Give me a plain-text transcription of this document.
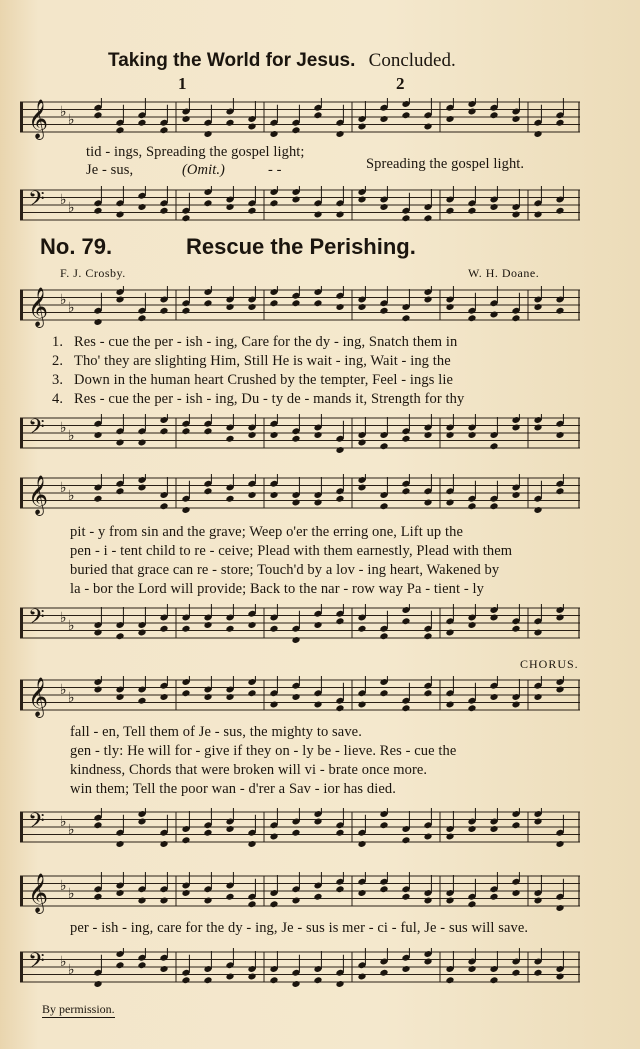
Taking the World for Jesus. Concluded.
1	2
𝄞 ♭ ♭
tid - ings, Spreading the gospel light;
Je - sus,	(Omit.)	- -	Spreading the gospel light.
𝄢 ♭ ♭
No. 79.	Rescue the Perishing.
F. J. Crosby.	W. H. Doane.
𝄞 ♭ ♭
1. Res - cue the per - ish - ing, Care for the dy - ing, Snatch them in
2. Tho' they are slighting Him, Still He is wait - ing, Wait - ing the
3. Down in the human heart Crushed by the tempter, Feel - ings lie
4. Res - cue the per - ish - ing, Du - ty de - mands it, Strength for thy
𝄢 ♭ ♭
𝄞 ♭ ♭
pit - y from sin and the grave; Weep o'er the erring one, Lift up the
pen - i - tent child to re - ceive; Plead with them earnestly, Plead with them
buried that grace can re - store; Touch'd by a lov - ing heart, Wakened by
la - bor the Lord will provide; Back to the nar - row way Pa - tient - ly
𝄢 ♭ ♭
CHORUS.
𝄞 ♭ ♭
fall - en, Tell them of Je - sus, the mighty to save.
gen - tly: He will for - give if they on - ly be - lieve. Res - cue the
kindness, Chords that were broken will vi - brate once more.
win them; Tell the poor wan - d'rer a Sav - ior has died.
𝄢 ♭ ♭
𝄞 ♭ ♭
per - ish - ing, care for the dy - ing, Je - sus is mer - ci - ful, Je - sus will save.
𝄢 ♭ ♭
By permission.
